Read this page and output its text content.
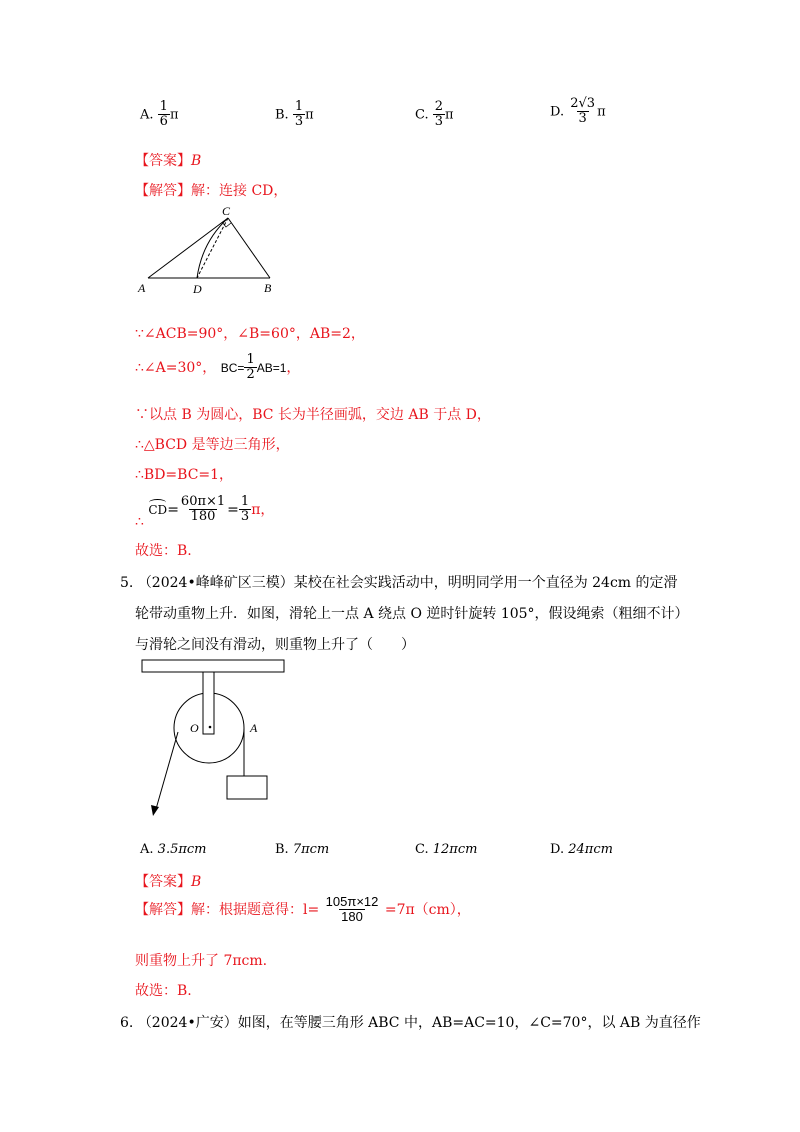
A. $\frac{1}{6}$ π	B. $\frac{1}{3}$ π	C. $\frac{2}{3}$ π	D. $\frac{2√3}{3}$ π
【答案】B
【解答】解：连接 CD，
C
A	D	B
∵∠ACB=90°，∠B=60°，AB=2，
∴∠A=30°， $BC= \frac{1}{2} AB=1$，
∵以点 B 为圆心，BC 长为半径画弧，交边 AB 于点 D，
∴△BCD 是等边三角形，
∴BD=BC=1，
∴
$CD= \frac{60\pi\times 1}{180} = \frac{1}{3}$ π，
故选：B.
5. （2024•峰峰矿区三模）某校在社会实践活动中，明明同学用一个直径为 24cm 的定滑
轮带动重物上升．如图，滑轮上一点 A 绕点 O 逆时针旋转 105°，假设绳索（粗细不计）
与滑轮之间没有滑动，则重物上升了（　　）
O	A
A. 3.5πcm	B. 7πcm	C. 12πcm	D. 24πcm
【答案】B
【解答】解：根据题意得：$l= \frac{105\pi\times 12}{180} =7\pi(cm)$，
则重物上升了 7πcm.
故选：B.
6. （2024•广安）如图，在等腰三角形 ABC 中，AB=AC=10，∠C=70°，以 AB 为直径作
